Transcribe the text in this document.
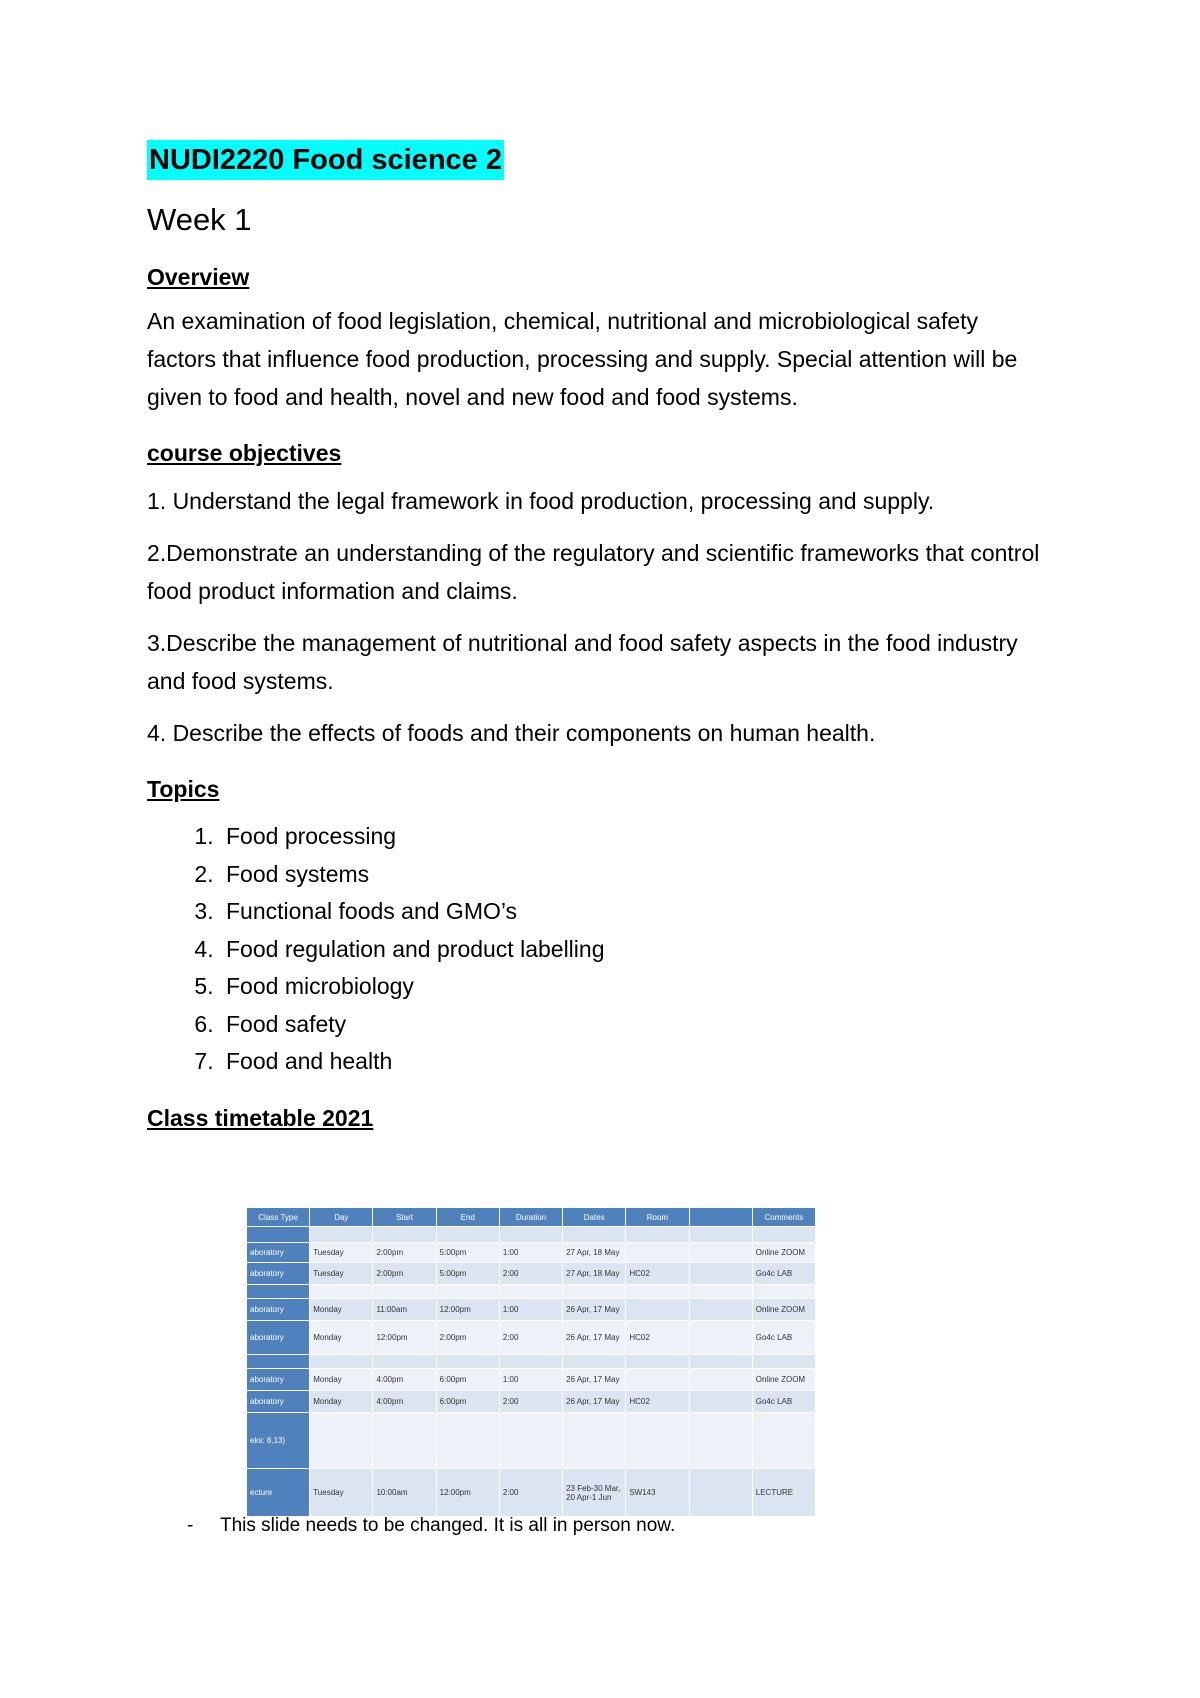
NUDI2220 Food science 2
Week 1
Overview

An examination of food legislation, chemical, nutritional and microbiological safety factors that influence food production, processing and supply. Special attention will be given to food and health, novel and new food and food systems.

course objectives

1. Understand the legal framework in food production, processing and supply.

2.Demonstrate an understanding of the regulatory and scientific frameworks that control food product information and claims.

3.Describe the management of nutritional and food safety aspects in the food industry and food systems.

4. Describe the effects of foods and their components on human health.

Topics
1. Food processing
2. Food systems
3. Functional foods and GMO’s
4. Food regulation and product labelling
5. Food microbiology
6. Food safety
7. Food and health
Class timetable 2021
Class Type	Day	Start	End	Duration	Dates	Room		Comments

aboratory	Tuesday	2:00pm	5:00pm	1:00	27 Apr, 18 May			Online ZOOM
aboratory	Tuesday	2:00pm	5:00pm	2:00	27 Apr, 18 May	HC02		Go4c LAB

aboratory	Monday	11:00am	12:00pm	1:00	26 Apr, 17 May			Online ZOOM
aboratory	Monday	12:00pm	2:00pm	2:00	26 Apr, 17 May	HC02		Go4c LAB

aboratory	Monday	4:00pm	6:00pm	1:00	26 Apr, 17 May			Online ZOOM
aboratory	Monday	4:00pm	6:00pm	2:00	26 Apr, 17 May	HC02		Go4c LAB
eks: 8,13)								
ecture	Tuesday	10:00am	12:00pm	2:00	23 Feb-30 Mar, 20 Apr-1 Jun	SW143		LECTURE
- This slide needs to be changed. It is all in person now.
